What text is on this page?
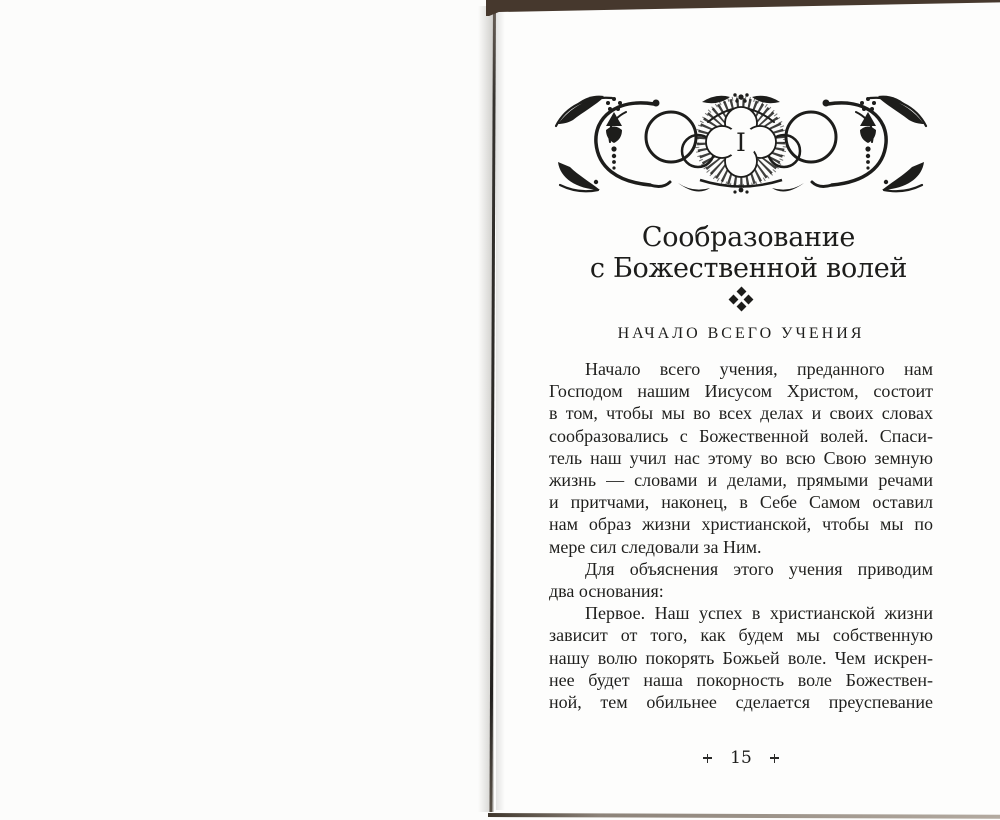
I
Сообразование
с Божественной волей
НАЧАЛО ВСЕГО УЧЕНИЯ
Начало всего учения, преданного нам
Господом нашим Иисусом Христом, состоит
в том, чтобы мы во всех делах и своих словах
сообразовались с Божественной волей. Спаси-
тель наш учил нас этому во всю Свою земную
жизнь — словами и делами, прямыми речами
и притчами, наконец, в Себе Самом оставил
нам образ жизни христианской, чтобы мы по
мере сил следовали за Ним.
Для объяснения этого учения приводим
два основания:
Первое. Наш успех в христианской жизни
зависит от того, как будем мы собственную
нашу волю покорять Божьей воле. Чем искрен-
нее будет наша покорность воле Божествен-
ной, тем обильнее сделается преуспевание
15
